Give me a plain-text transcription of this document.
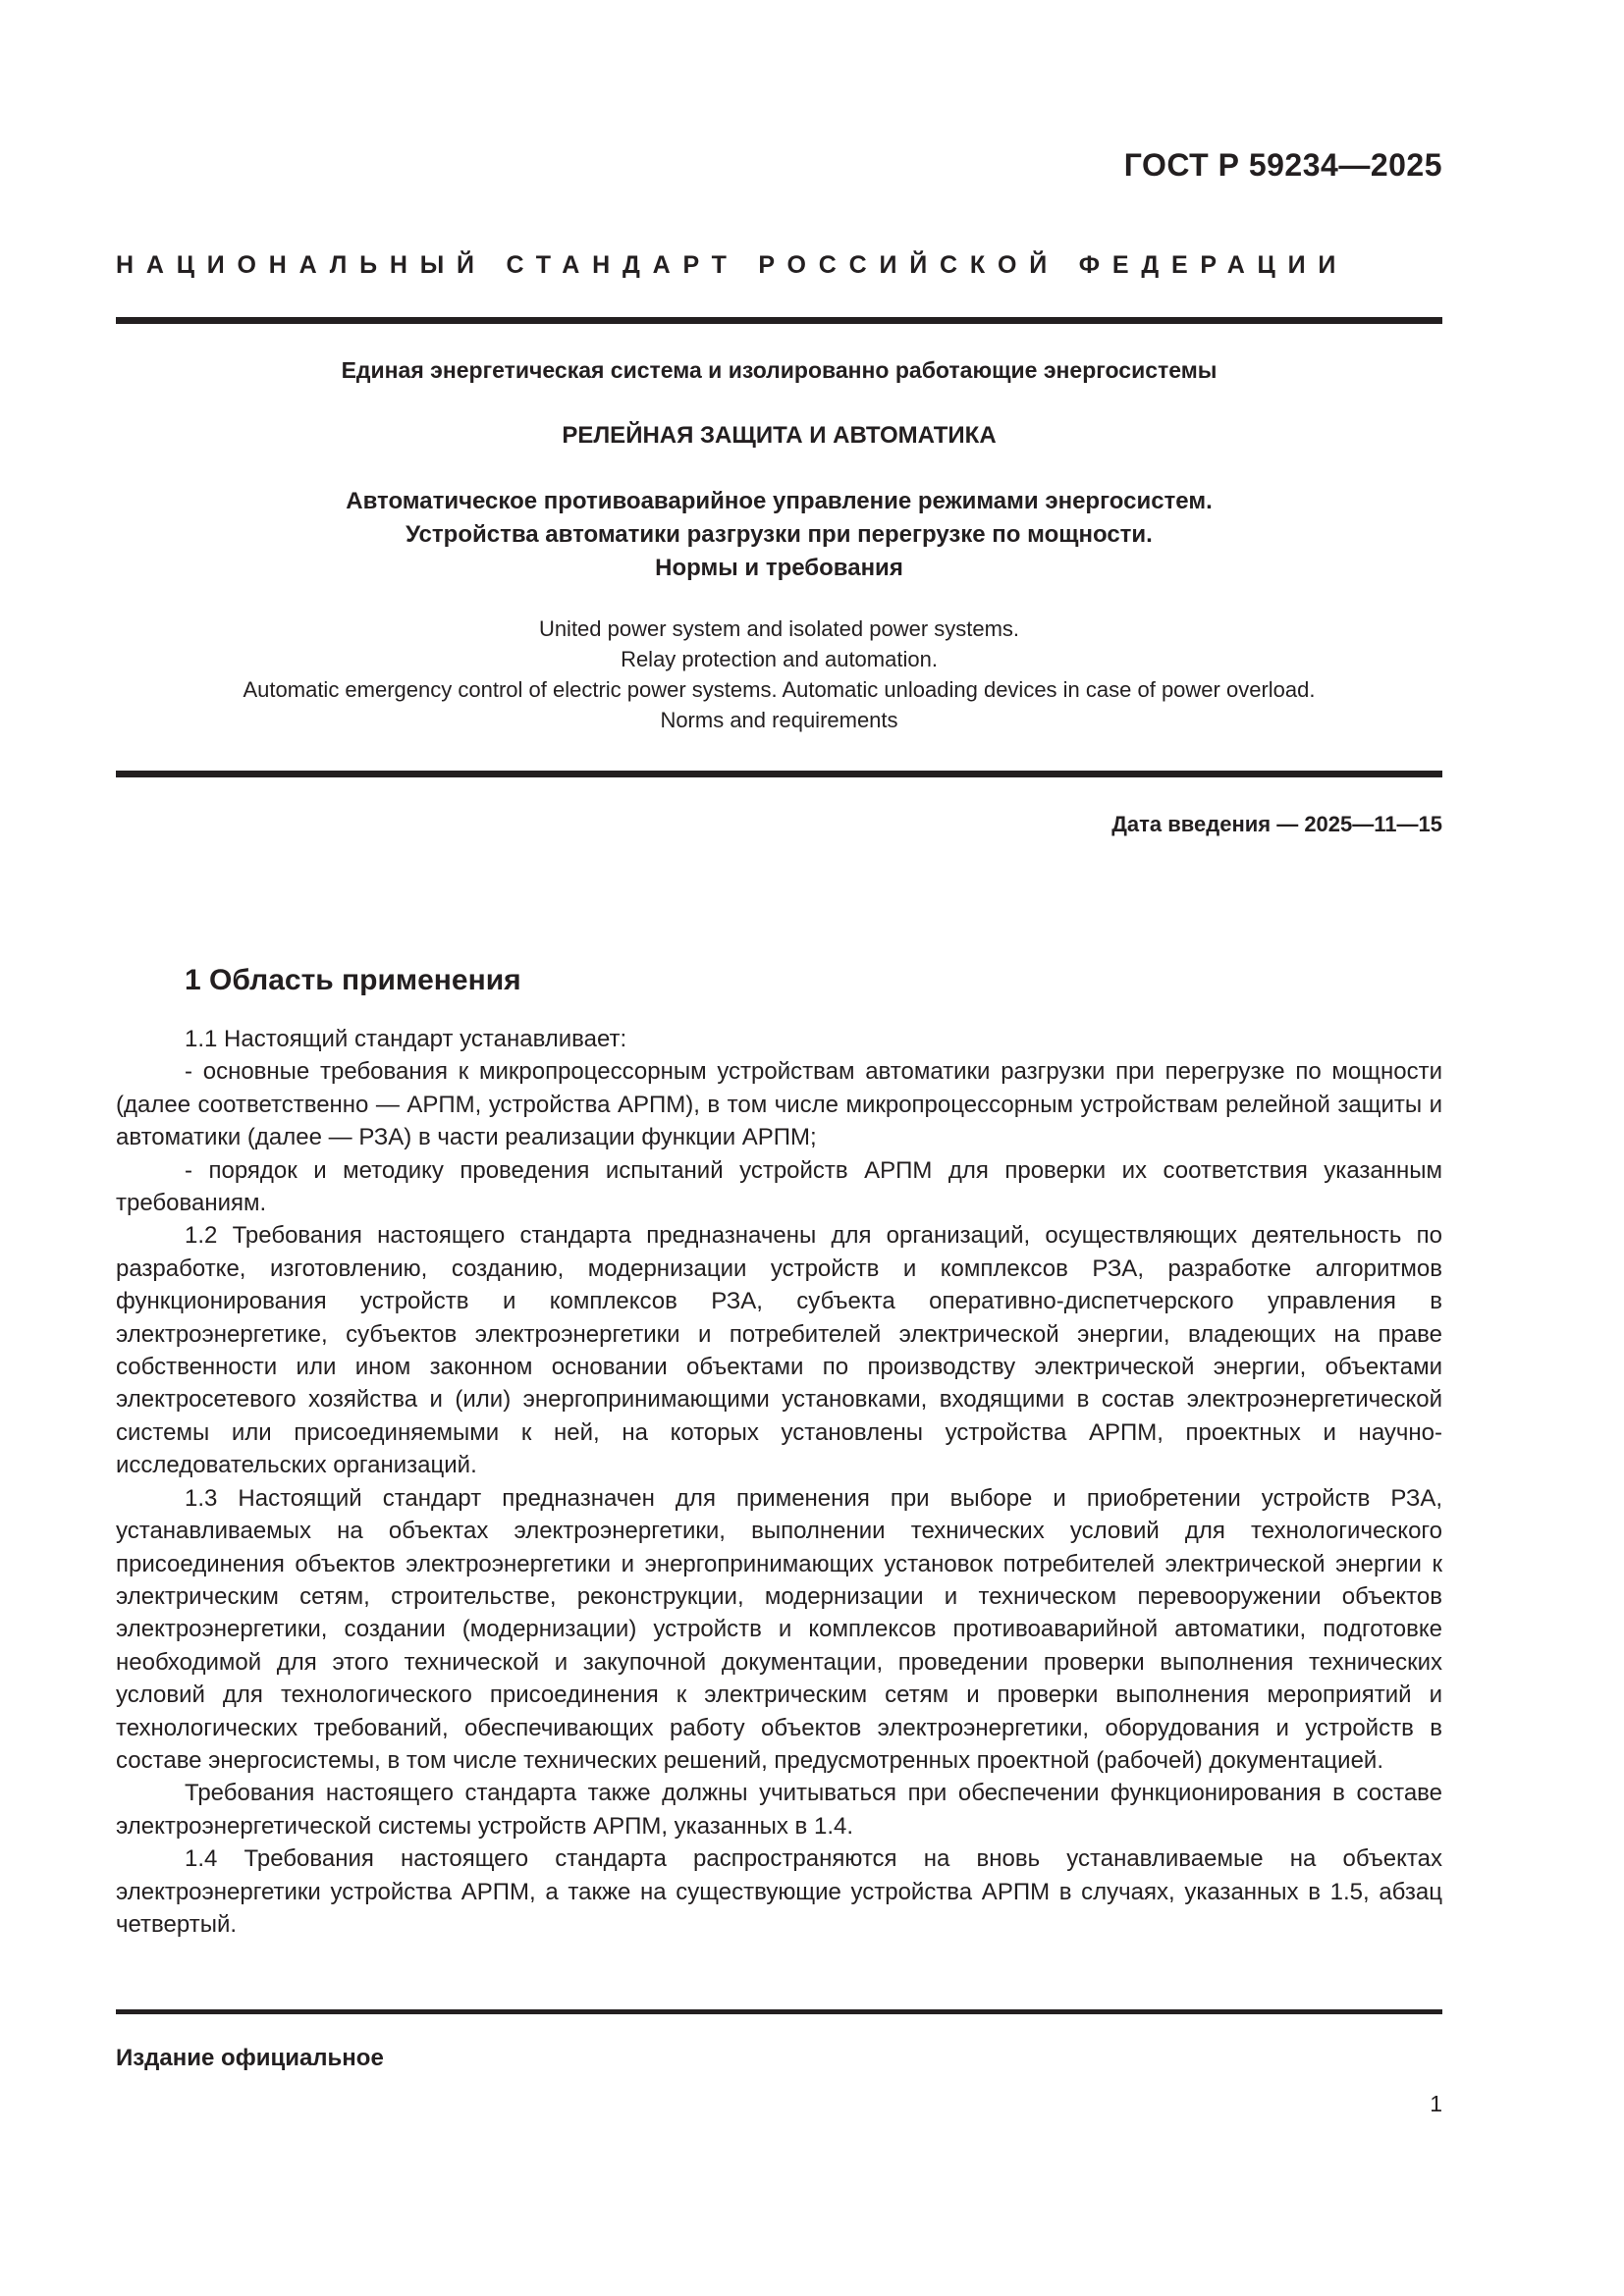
ГОСТ Р 59234—2025
НАЦИОНАЛЬНЫЙ СТАНДАРТ РОССИЙСКОЙ ФЕДЕРАЦИИ
Единая энергетическая система и изолированно работающие энергосистемы
РЕЛЕЙНАЯ ЗАЩИТА И АВТОМАТИКА
Автоматическое противоаварийное управление режимами энергосистем.
Устройства автоматики разгрузки при перегрузке по мощности.
Нормы и требования
United power system and isolated power systems.
Relay protection and automation.
Automatic emergency control of electric power systems. Automatic unloading devices in case of power overload.
Norms and requirements
Дата введения — 2025—11—15
1 Область применения

1.1 Настоящий стандарт устанавливает:

- основные требования к микропроцессорным устройствам автоматики разгрузки при перегрузке по мощности (далее соответственно — АРПМ, устройства АРПМ), в том числе микропроцессорным устройствам релейной защиты и автоматики (далее — РЗА) в части реализации функции АРПМ;

- порядок и методику проведения испытаний устройств АРПМ для проверки их соответствия указанным требованиям.

1.2 Требования настоящего стандарта предназначены для организаций, осуществляющих деятельность по разработке, изготовлению, созданию, модернизации устройств и комплексов РЗА, разработке алгоритмов функционирования устройств и комплексов РЗА, субъекта оперативно-диспетчерского управления в электроэнергетике, субъектов электроэнергетики и потребителей электрической энергии, владеющих на праве собственности или ином законном основании объектами по производству электрической энергии, объектами электросетевого хозяйства и (или) энергопринимающими установками, входящими в состав электроэнергетической системы или присоединяемыми к ней, на которых установлены устройства АРПМ, проектных и научно-исследовательских организаций.

1.3 Настоящий стандарт предназначен для применения при выборе и приобретении устройств РЗА, устанавливаемых на объектах электроэнергетики, выполнении технических условий для технологического присоединения объектов электроэнергетики и энергопринимающих установок потребителей электрической энергии к электрическим сетям, строительстве, реконструкции, модернизации и техническом перевооружении объектов электроэнергетики, создании (модернизации) устройств и комплексов противоаварийной автоматики, подготовке необходимой для этого технической и закупочной документации, проведении проверки выполнения технических условий для технологического присоединения к электрическим сетям и проверки выполнения мероприятий и технологических требований, обеспечивающих работу объектов электроэнергетики, оборудования и устройств в составе энергосистемы, в том числе технических решений, предусмотренных проектной (рабочей) документацией.

Требования настоящего стандарта также должны учитываться при обеспечении функционирования в составе электроэнергетической системы устройств АРПМ, указанных в 1.4.

1.4 Требования настоящего стандарта распространяются на вновь устанавливаемые на объектах электроэнергетики устройства АРПМ, а также на существующие устройства АРПМ в случаях, указанных в 1.5, абзац четвертый.

Издание официальное
1
